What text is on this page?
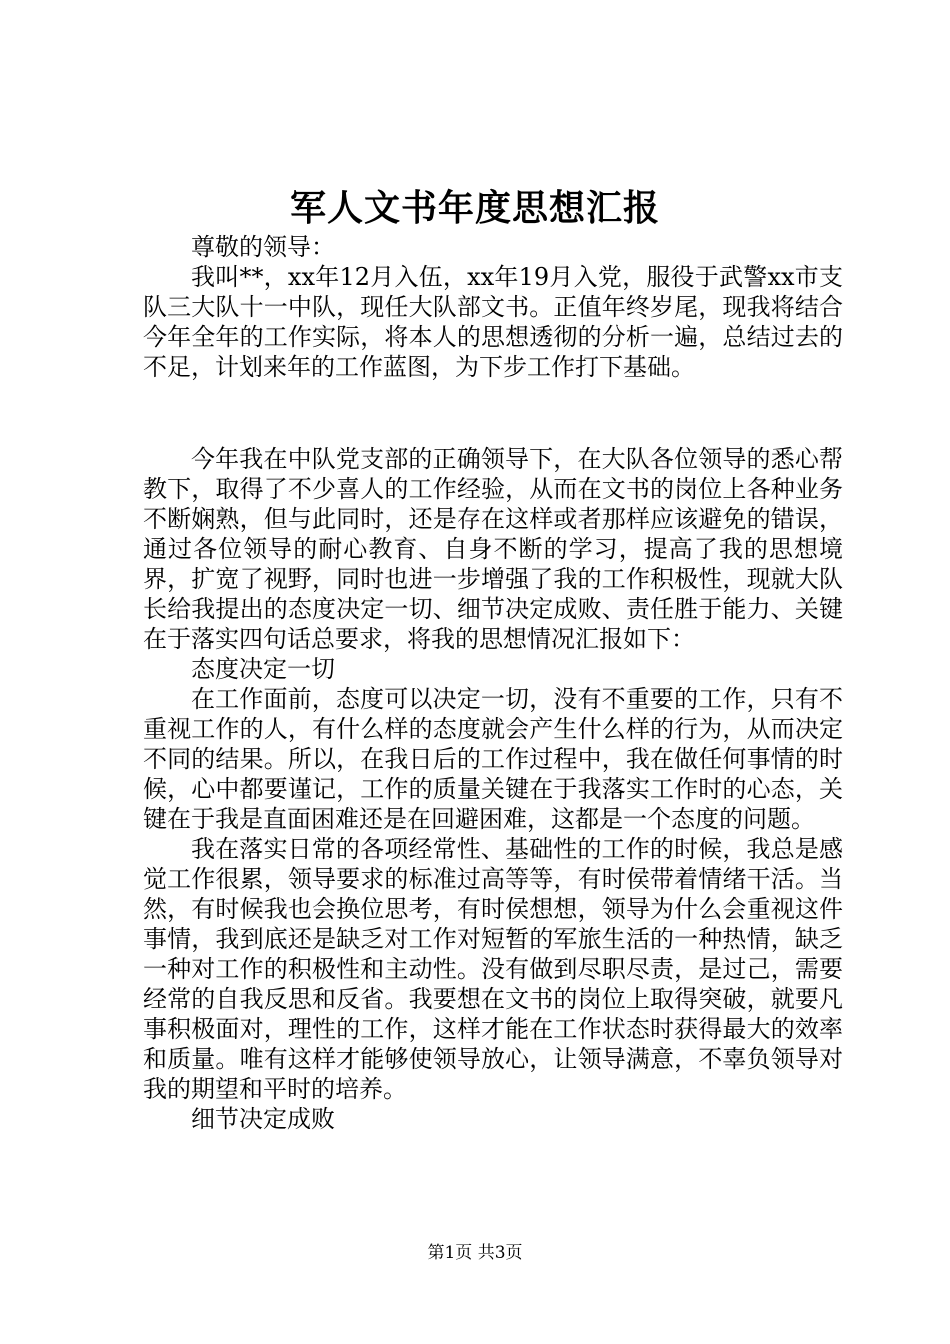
军人文书年度思想汇报

尊敬的领导：

我叫**，xx年12月入伍，xx年19月入党，服役于武警xx市支队三大队十一中队，现任大队部文书。正值年终岁尾，现我将结合今年全年的工作实际，将本人的思想透彻的分析一遍，总结过去的不足，计划来年的工作蓝图，为下步工作打下基础。

今年我在中队党支部的正确领导下，在大队各位领导的悉心帮教下，取得了不少喜人的工作经验，从而在文书的岗位上各种业务不断娴熟，但与此同时，还是存在这样或者那样应该避免的错误，通过各位领导的耐心教育、自身不断的学习，提高了我的思想境界，扩宽了视野，同时也进一步增强了我的工作积极性，现就大队长给我提出的态度决定一切、细节决定成败、责任胜于能力、关键在于落实四句话总要求，将我的思想情况汇报如下：

态度决定一切

在工作面前，态度可以决定一切，没有不重要的工作，只有不重视工作的人，有什么样的态度就会产生什么样的行为，从而决定不同的结果。所以，在我日后的工作过程中，我在做任何事情的时候，心中都要谨记，工作的质量关键在于我落实工作时的心态，关键在于我是直面困难还是在回避困难，这都是一个态度的问题。

我在落实日常的各项经常性、基础性的工作的时候，我总是感觉工作很累，领导要求的标准过高等等，有时侯带着情绪干活。当然，有时候我也会换位思考，有时侯想想，领导为什么会重视这件事情，我到底还是缺乏对工作对短暂的军旅生活的一种热情，缺乏一种对工作的积极性和主动性。没有做到尽职尽责，是过己，需要经常的自我反思和反省。我要想在文书的岗位上取得突破，就要凡事积极面对，理性的工作，这样才能在工作状态时获得最大的效率和质量。唯有这样才能够使领导放心，让领导满意，不辜负领导对我的期望和平时的培养。

细节决定成败

第1页 共3页
